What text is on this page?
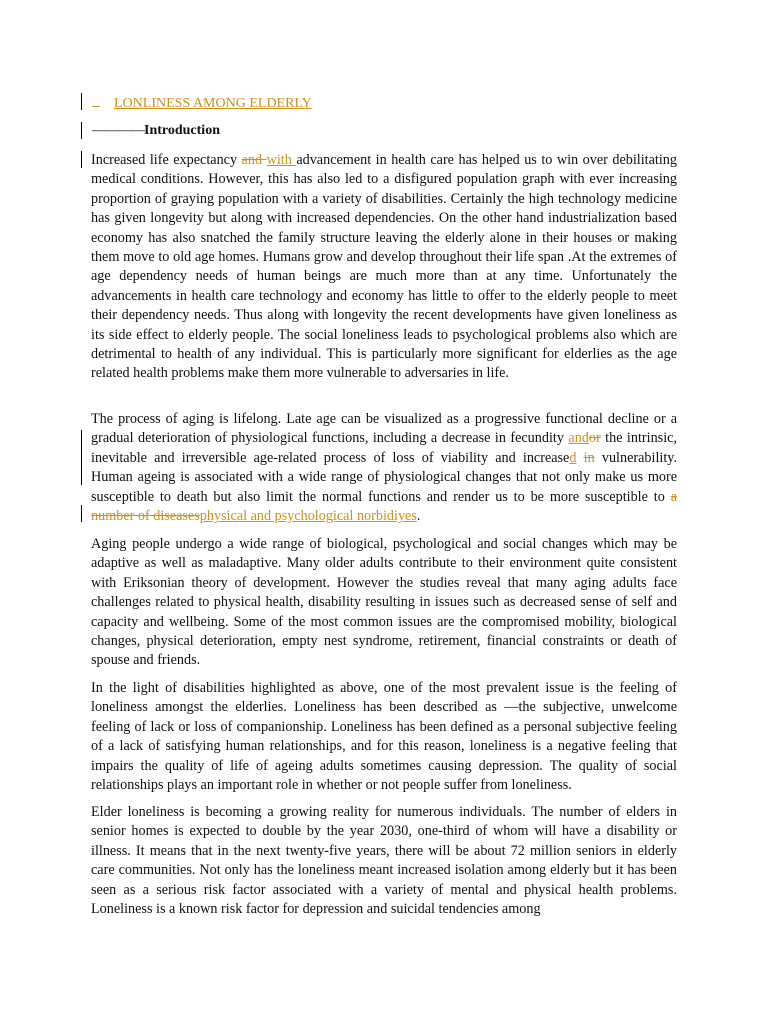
LONLINESS AMONG ELDERLY
————Introduction

Increased life expectancy and with advancement in health care has helped us to win over debilitating medical conditions. However, this has also led to a disfigured population graph with ever increasing proportion of graying population with a variety of disabilities. Certainly the high technology medicine has given longevity but along with increased dependencies. On the other hand industrialization based economy has also snatched the family structure leaving the elderly alone in their houses or making them move to old age homes. Humans grow and develop throughout their life span .At the extremes of age dependency needs of human beings are much more than at any time. Unfortunately the advancements in health care technology and economy has little to offer to the elderly people to meet their dependency needs. Thus along with longevity the recent developments have given loneliness as its side effect to elderly people. The social loneliness leads to psychological problems also which are detrimental to health of any individual. This is particularly more significant for elderlies as the age related health problems make them more vulnerable to adversaries in life.

The process of aging is lifelong. Late age can be visualized as a progressive functional decline or a gradual deterioration of physiological functions, including a decrease in fecundity andor the intrinsic, inevitable and irreversible age-related process of loss of viability and increased in vulnerability. Human ageing is associated with a wide range of physiological changes that not only make us more susceptible to death but also limit the normal functions and render us to be more susceptible to a number of diseasesphysical and psychological norbidiyes.

Aging people undergo a wide range of biological, psychological and social changes which may be adaptive as well as maladaptive. Many older adults contribute to their environment quite consistent with Eriksonian theory of development. However the studies reveal that many aging adults face challenges related to physical health, disability resulting in issues such as decreased sense of self and capacity and wellbeing. Some of the most common issues are the compromised mobility, biological changes, physical deterioration, empty nest syndrome, retirement, financial constraints or death of spouse and friends.

In the light of disabilities highlighted as above, one of the most prevalent issue is the feeling of loneliness amongst the elderlies. Loneliness has been described as —the subjective, unwelcome feeling of lack or loss of companionship. Loneliness has been defined as a personal subjective feeling of a lack of satisfying human relationships, and for this reason, loneliness is a negative feeling that impairs the quality of life of ageing adults sometimes causing depression. The quality of social relationships plays an important role in whether or not people suffer from loneliness.

Elder loneliness is becoming a growing reality for numerous individuals. The number of elders in senior homes is expected to double by the year 2030, one-third of whom will have a disability or illness. It means that in the next twenty-five years, there will be about 72 million seniors in elderly care communities. Not only has the loneliness meant increased isolation among elderly but it has been seen as a serious risk factor associated with a variety of mental and physical health problems. Loneliness is a known risk factor for depression and suicidal tendencies among
